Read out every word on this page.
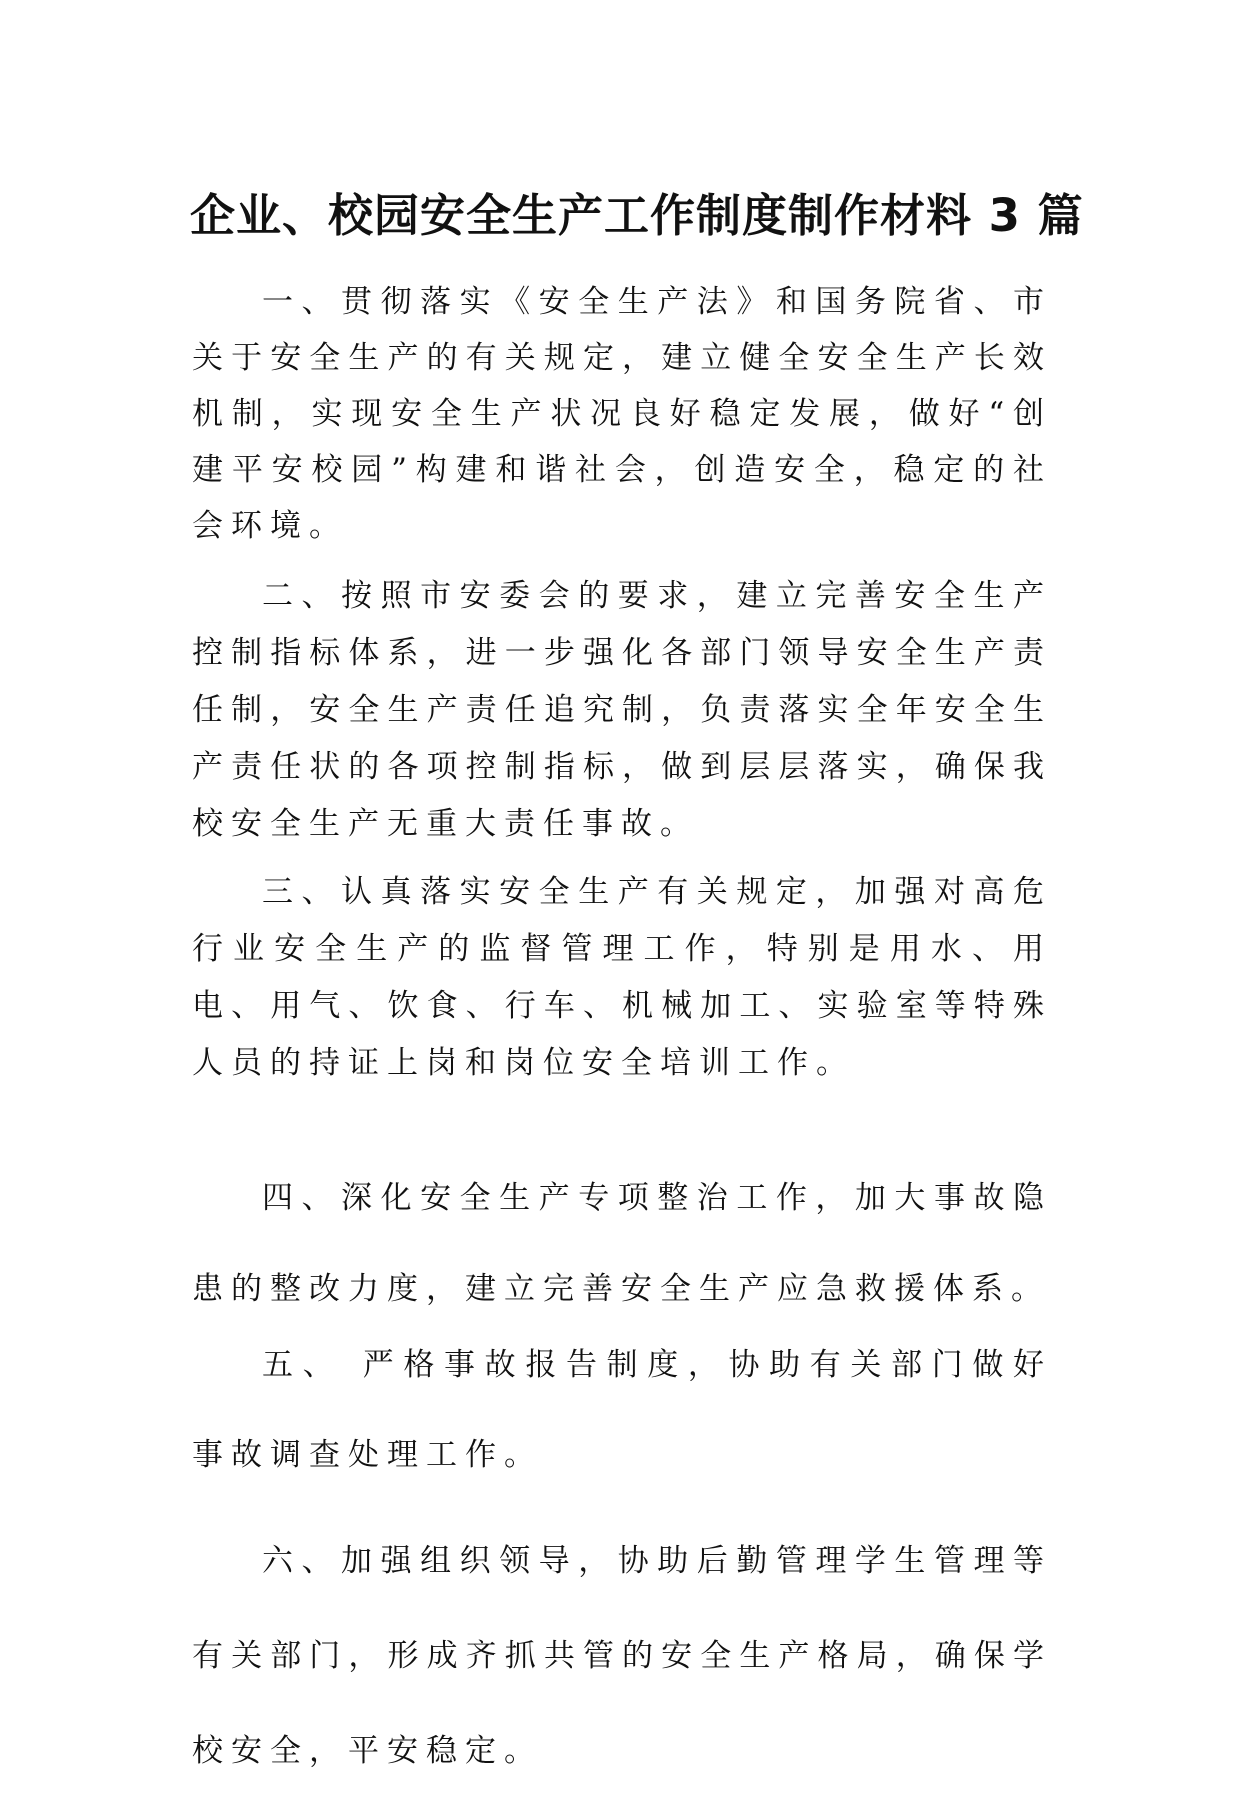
企业、校园安全生产工作制度制作材料 3 篇

一、贯彻落实《安全生产法》和国务院省、市关于安全生产的有关规定，建立健全安全生产长效机制，实现安全生产状况良好稳定发展，做好“创建平安校园”构建和谐社会，创造安全，稳定的社会环境。

二、按照市安委会的要求，建立完善安全生产控制指标体系，进一步强化各部门领导安全生产责任制，安全生产责任追究制，负责落实全年安全生产责任状的各项控制指标，做到层层落实，确保我校安全生产无重大责任事故。

三、认真落实安全生产有关规定，加强对高危行业安全生产的监督管理工作，特别是用水、用电、用气、饮食、行车、机械加工、实验室等特殊人员的持证上岗和岗位安全培训工作。

四、深化安全生产专项整治工作，加大事故隐患的整改力度，建立完善安全生产应急救援体系。

五、 严格事故报告制度，协助有关部门做好事故调查处理工作。

六、加强组织领导，协助后勤管理学生管理等有关部门，形成齐抓共管的安全生产格局，确保学校安全，平安稳定。
